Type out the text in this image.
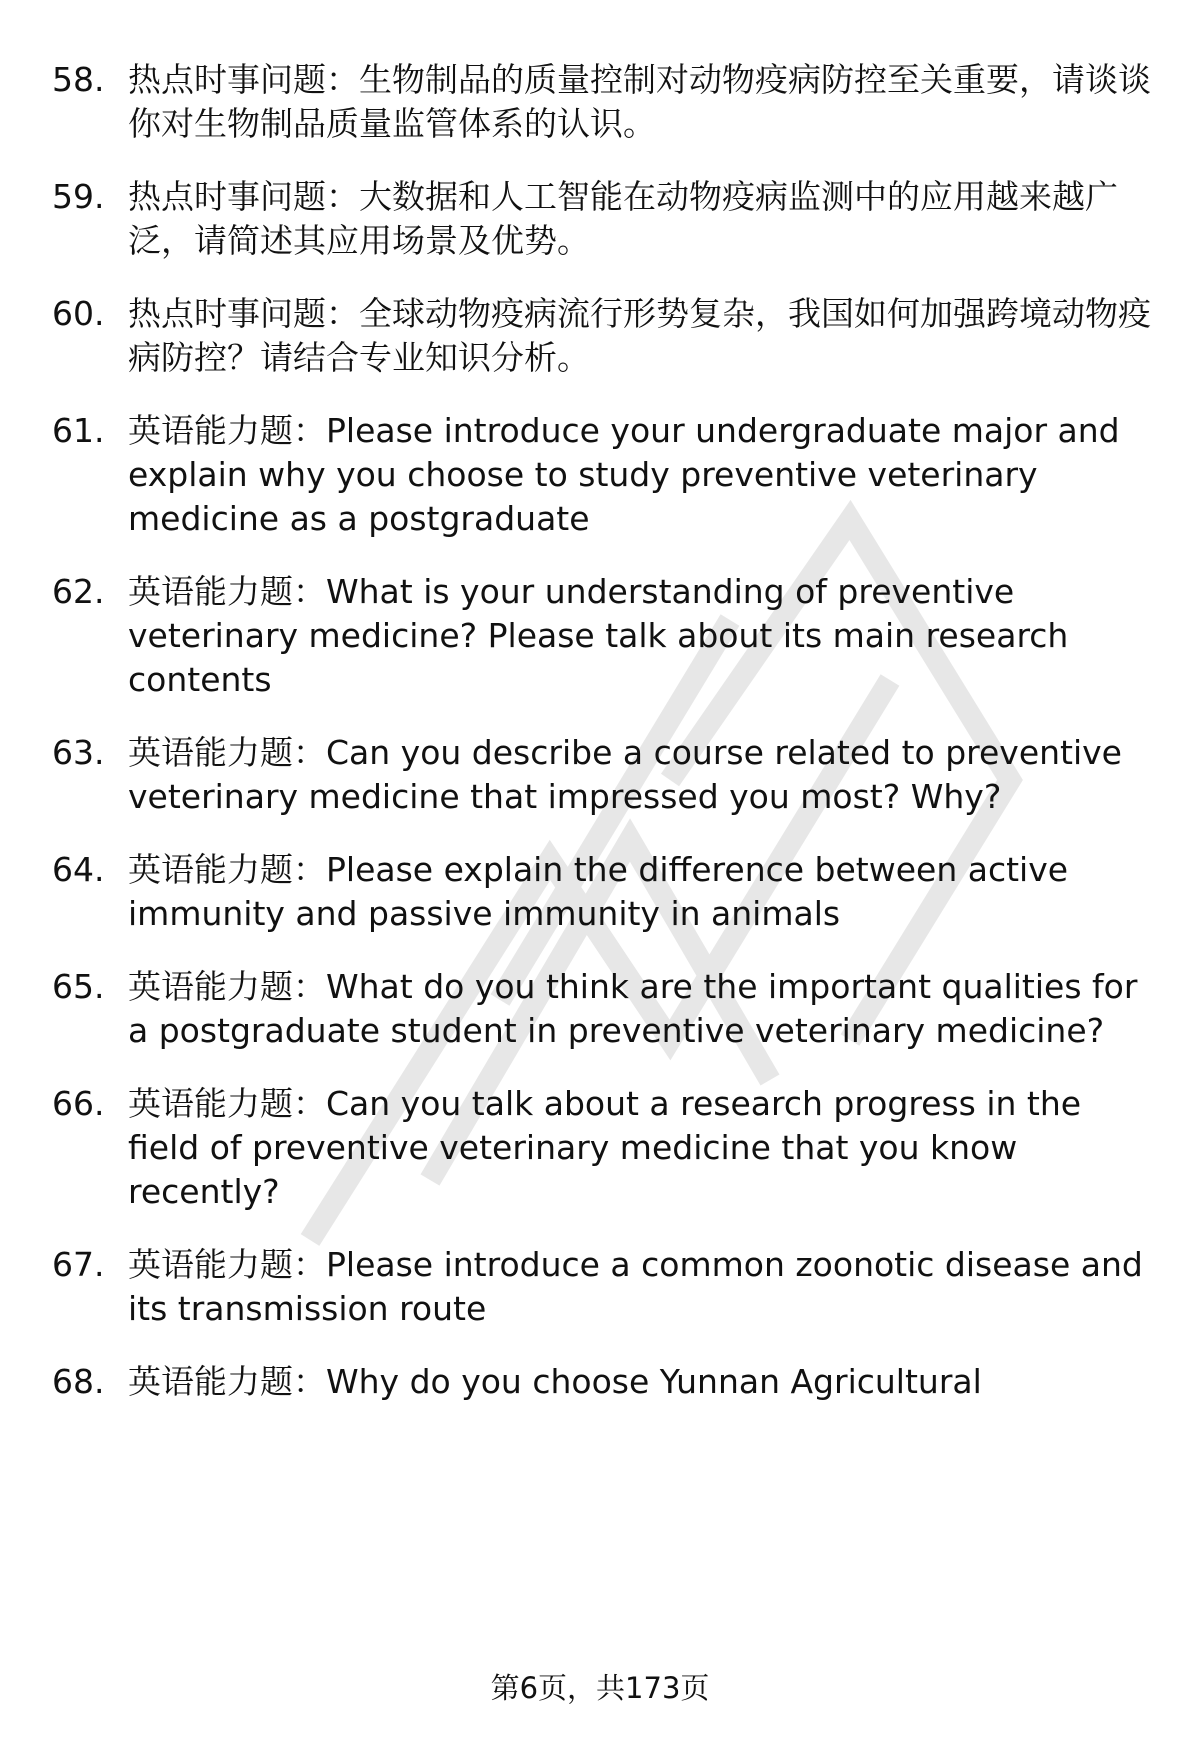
58. 热点时事问题：生物制品的质量控制对动物疫病防控至关重要，请谈谈你对生物制品质量监管体系的认识。
59. 热点时事问题：大数据和人工智能在动物疫病监测中的应用越来越广泛，请简述其应用场景及优势。
60. 热点时事问题：全球动物疫病流行形势复杂，我国如何加强跨境动物疫病防控？请结合专业知识分析。
61. 英语能力题：Please introduce your undergraduate major and explain why you choose to study preventive veterinary medicine as a postgraduate
62. 英语能力题：What is your understanding of preventive veterinary medicine? Please talk about its main research contents
63. 英语能力题：Can you describe a course related to preventive veterinary medicine that impressed you most? Why?
64. 英语能力题：Please explain the difference between active immunity and passive immunity in animals
65. 英语能力题：What do you think are the important qualities for a postgraduate student in preventive veterinary medicine?
66. 英语能力题：Can you talk about a research progress in the field of preventive veterinary medicine that you know recently?
67. 英语能力题：Please introduce a common zoonotic disease and its transmission route
68. 英语能力题：Why do you choose Yunnan Agricultural
第6页，共173页
